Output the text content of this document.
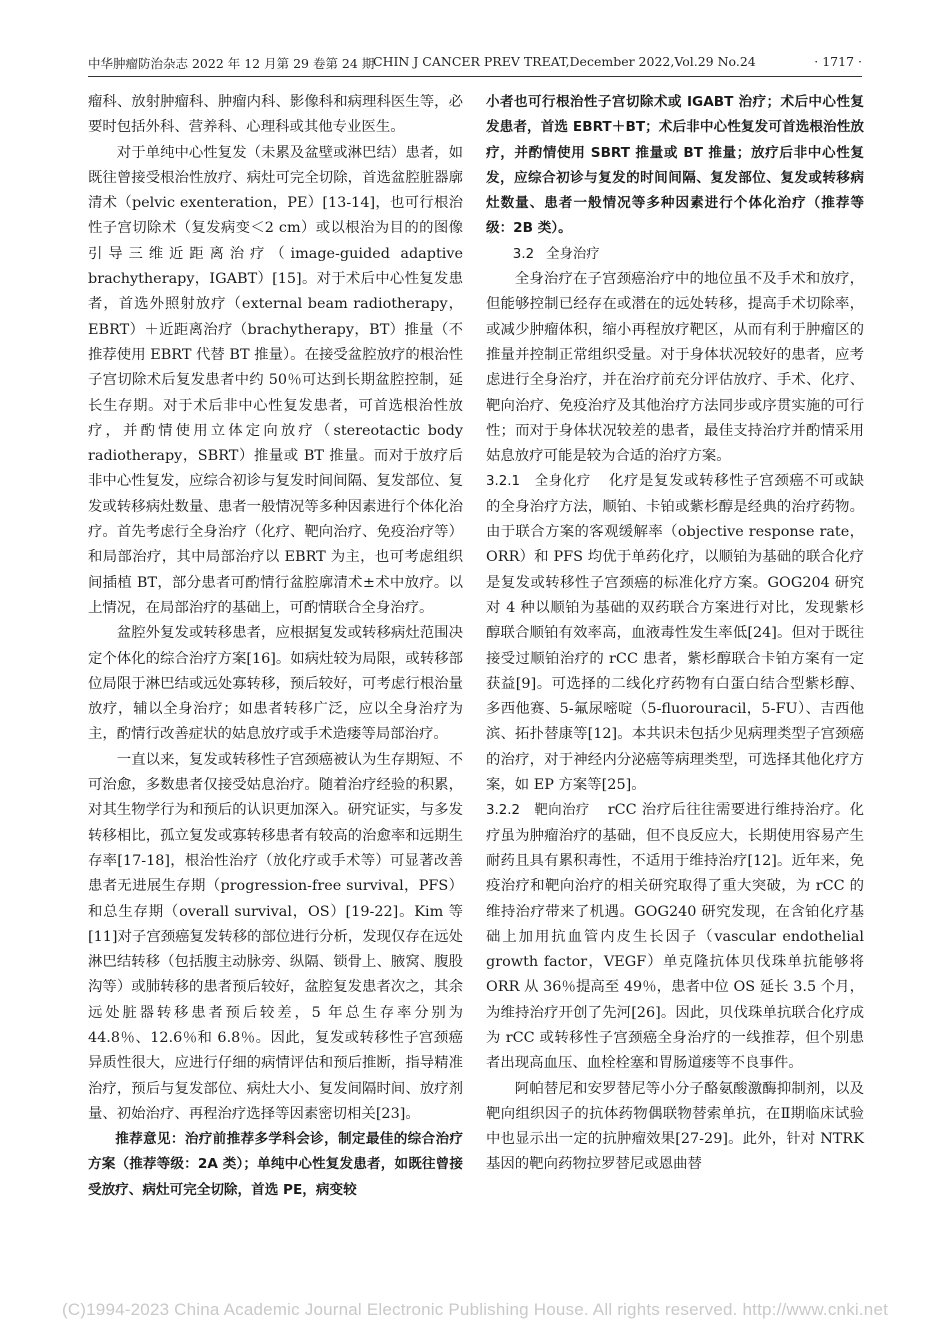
中华肿瘤防治杂志 2022 年 12 月第 29 卷第 24 期
CHIN J CANCER PREV TREAT,December 2022,Vol.29 No.24	· 1717 ·

瘤科、放射肿瘤科、肿瘤内科、影像科和病理科医生等，必要时包括外科、营养科、心理科或其他专业医生。

对于单纯中心性复发（未累及盆壁或淋巴结）患者，如既往曾接受根治性放疗、病灶可完全切除，首选盆腔脏器廓清术（pelvic exenteration，PE）[13-14]，也可行根治性子宫切除术（复发病变＜2 cm）或以根治为目的的图像引导三维近距离治疗（image-guided adaptive brachytherapy，IGABT）[15]。对于术后中心性复发患者，首选外照射放疗（external beam radiotherapy，EBRT）＋近距离治疗（brachytherapy，BT）推量（不推荐使用 EBRT 代替 BT 推量）。在接受盆腔放疗的根治性子宫切除术后复发患者中约 50％可达到长期盆腔控制，延长生存期。对于术后非中心性复发患者，可首选根治性放疗，并酌情使用立体定向放疗（stereotactic body radiotherapy，SBRT）推量或 BT 推量。而对于放疗后非中心性复发，应综合初诊与复发时间间隔、复发部位、复发或转移病灶数量、患者一般情况等多种因素进行个体化治疗。首先考虑行全身治疗（化疗、靶向治疗、免疫治疗等）和局部治疗，其中局部治疗以 EBRT 为主，也可考虑组织间插植 BT，部分患者可酌情行盆腔廓清术±术中放疗。以上情况，在局部治疗的基础上，可酌情联合全身治疗。

盆腔外复发或转移患者，应根据复发或转移病灶范围决定个体化的综合治疗方案[16]。如病灶较为局限，或转移部位局限于淋巴结或远处寡转移，预后较好，可考虑行根治量放疗，辅以全身治疗；如患者转移广泛，应以全身治疗为主，酌情行改善症状的姑息放疗或手术造瘘等局部治疗。

一直以来，复发或转移性子宫颈癌被认为生存期短、不可治愈，多数患者仅接受姑息治疗。随着治疗经验的积累，对其生物学行为和预后的认识更加深入。研究证实，与多发转移相比，孤立复发或寡转移患者有较高的治愈率和远期生存率[17-18]，根治性治疗（放化疗或手术等）可显著改善患者无进展生存期（progression-free survival，PFS）和总生存期（overall survival，OS）[19-22]。Kim 等[11]对子宫颈癌复发转移的部位进行分析，发现仅存在远处淋巴结转移（包括腹主动脉旁、纵隔、锁骨上、腋窝、腹股沟等）或肺转移的患者预后较好，盆腔复发患者次之，其余远处脏器转移患者预后较差，5 年总生存率分别为 44.8％、12.6％和 6.8％。因此，复发或转移性子宫颈癌异质性很大，应进行仔细的病情评估和预后推断，指导精准治疗，预后与复发部位、病灶大小、复发间隔时间、放疗剂量、初始治疗、再程治疗选择等因素密切相关[23]。

推荐意见：治疗前推荐多学科会诊，制定最佳的综合治疗方案（推荐等级：2A 类）；单纯中心性复发患者，如既往曾接受放疗、病灶可完全切除，首选 PE，病变较

小者也可行根治性子宫切除术或 IGABT 治疗；术后中心性复发患者，首选 EBRT＋BT；术后非中心性复发可首选根治性放疗，并酌情使用 SBRT 推量或 BT 推量；放疗后非中心性复发，应综合初诊与复发的时间间隔、复发部位、复发或转移病灶数量、患者一般情况等多种因素进行个体化治疗（推荐等级：2B 类）。

3.2 全身治疗

全身治疗在子宫颈癌治疗中的地位虽不及手术和放疗，但能够控制已经存在或潜在的远处转移，提高手术切除率，或减少肿瘤体积，缩小再程放疗靶区，从而有利于肿瘤区的推量并控制正常组织受量。对于身体状况较好的患者，应考虑进行全身治疗，并在治疗前充分评估放疗、手术、化疗、靶向治疗、免疫治疗及其他治疗方法同步或序贯实施的可行性；而对于身体状况较差的患者，最佳支持治疗并酌情采用姑息放疗可能是较为合适的治疗方案。

3.2.1　全身化疗 化疗是复发或转移性子宫颈癌不可或缺的全身治疗方法，顺铂、卡铂或紫杉醇是经典的治疗药物。由于联合方案的客观缓解率（objective response rate，ORR）和 PFS 均优于单药化疗，以顺铂为基础的联合化疗是复发或转移性子宫颈癌的标准化疗方案。GOG204 研究对 4 种以顺铂为基础的双药联合方案进行对比，发现紫杉醇联合顺铂有效率高，血液毒性发生率低[24]。但对于既往接受过顺铂治疗的 rCC 患者，紫杉醇联合卡铂方案有一定获益[9]。可选择的二线化疗药物有白蛋白结合型紫杉醇、多西他赛、5-氟尿嘧啶（5-fluorouracil，5-FU）、吉西他滨、拓扑替康等[12]。本共识未包括少见病理类型子宫颈癌的治疗，对于神经内分泌癌等病理类型，可选择其他化疗方案，如 EP 方案等[25]。

3.2.2　靶向治疗 rCC 治疗后往往需要进行维持治疗。化疗虽为肿瘤治疗的基础，但不良反应大，长期使用容易产生耐药且具有累积毒性，不适用于维持治疗[12]。近年来，免疫治疗和靶向治疗的相关研究取得了重大突破，为 rCC 的维持治疗带来了机遇。GOG240 研究发现，在含铂化疗基础上加用抗血管内皮生长因子（vascular endothelial growth factor，VEGF）单克隆抗体贝伐珠单抗能够将 ORR 从 36％提高至 49％，患者中位 OS 延长 3.5 个月，为维持治疗开创了先河[26]。因此，贝伐珠单抗联合化疗成为 rCC 或转移性子宫颈癌全身治疗的一线推荐，但个别患者出现高血压、血栓栓塞和胃肠道瘘等不良事件。

阿帕替尼和安罗替尼等小分子酪氨酸激酶抑制剂，以及靶向组织因子的抗体药物偶联物替索单抗，在Ⅱ期临床试验中也显示出一定的抗肿瘤效果[27-29]。此外，针对 NTRK 基因的靶向药物拉罗替尼或恩曲替

(C)1994-2023 China Academic Journal Electronic Publishing House. All rights reserved. http://www.cnki.net
